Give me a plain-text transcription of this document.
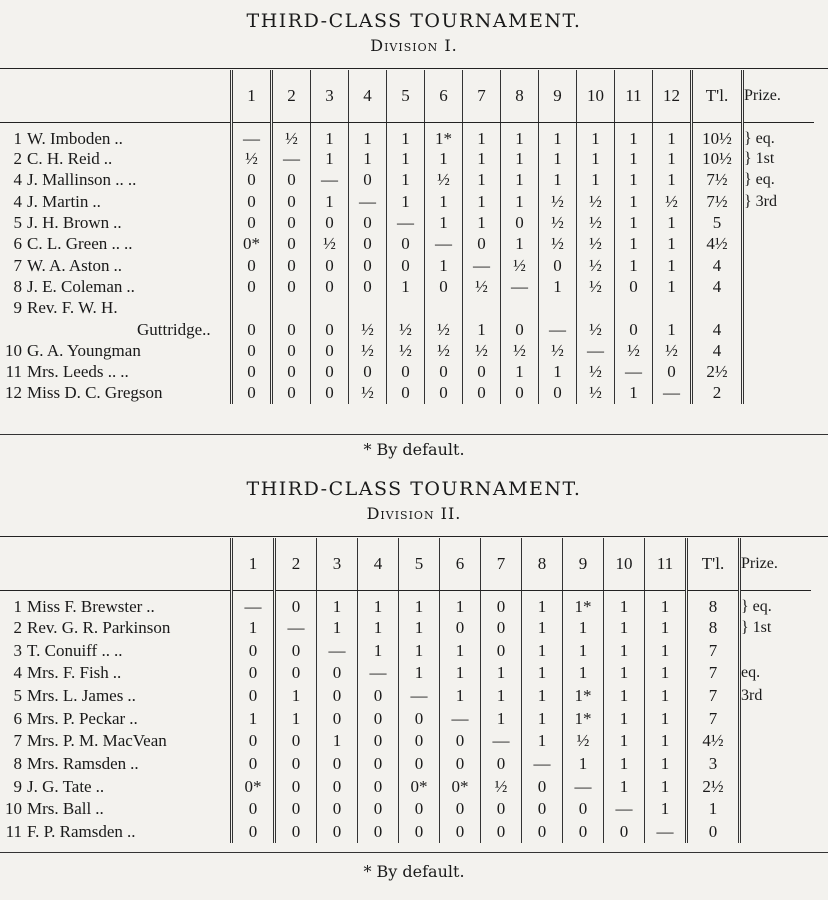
THIRD-CLASS TOURNAMENT.
Division I.
	1	2	3	4	5	6	7	8	9	10	11	12	T'l.	Prize.
1 W. Imboden ..	—	½	1	1	1	1*	1	1	1	1	1	1	10½	} eq.
2 C. H. Reid ..	½	—	1	1	1	1	1	1	1	1	1	1	10½	} 1st
4 J. Mallinson .. ..	0	0	—	0	1	½	1	1	1	1	1	1	7½	} eq.
4 J. Martin ..	0	0	1	—	1	1	1	1	½	½	1	½	7½	} 3rd
5 J. H. Brown ..	0	0	0	0	—	1	1	0	½	½	1	1	5	
6 C. L. Green .. ..	0*	0	½	0	0	—	0	1	½	½	1	1	4½	
7 W. A. Aston ..	0	0	0	0	0	1	—	½	0	½	1	1	4	
8 J. E. Coleman ..	0	0	0	0	1	0	½	—	1	½	0	1	4	
9 Rev. F. W. H.														
Guttridge..	0	0	0	½	½	½	1	0	—	½	0	1	4	
10 G. A. Youngman	0	0	0	½	½	½	½	½	½	—	½	½	4	
11 Mrs. Leeds .. ..	0	0	0	0	0	0	0	1	1	½	—	0	2½	
12 Miss D. C. Gregson	0	0	0	½	0	0	0	0	0	½	1	—	2	
* By default.
THIRD-CLASS TOURNAMENT.
Division II.
	1	2	3	4	5	6	7	8	9	10	11	T'l.	Prize.
1 Miss F. Brewster ..	—	0	1	1	1	1	0	1	1*	1	1	8	} eq.
2 Rev. G. R. Parkinson	1	—	1	1	1	0	0	1	1	1	1	8	} 1st
3 T. Conuiff .. ..	0	0	—	1	1	1	0	1	1	1	1	7	
4 Mrs. F. Fish ..	0	0	0	—	1	1	1	1	1	1	1	7	eq.
5 Mrs. L. James ..	0	1	0	0	—	1	1	1	1*	1	1	7	3rd
6 Mrs. P. Peckar ..	1	1	0	0	0	—	1	1	1*	1	1	7	
7 Mrs. P. M. MacVean	0	0	1	0	0	0	—	1	½	1	1	4½	
8 Mrs. Ramsden ..	0	0	0	0	0	0	0	—	1	1	1	3	
9 J. G. Tate ..	0*	0	0	0	0*	0*	½	0	—	1	1	2½	
10 Mrs. Ball ..	0	0	0	0	0	0	0	0	0	—	1	1	
11 F. P. Ramsden ..	0	0	0	0	0	0	0	0	0	0	—	0	
* By default.
